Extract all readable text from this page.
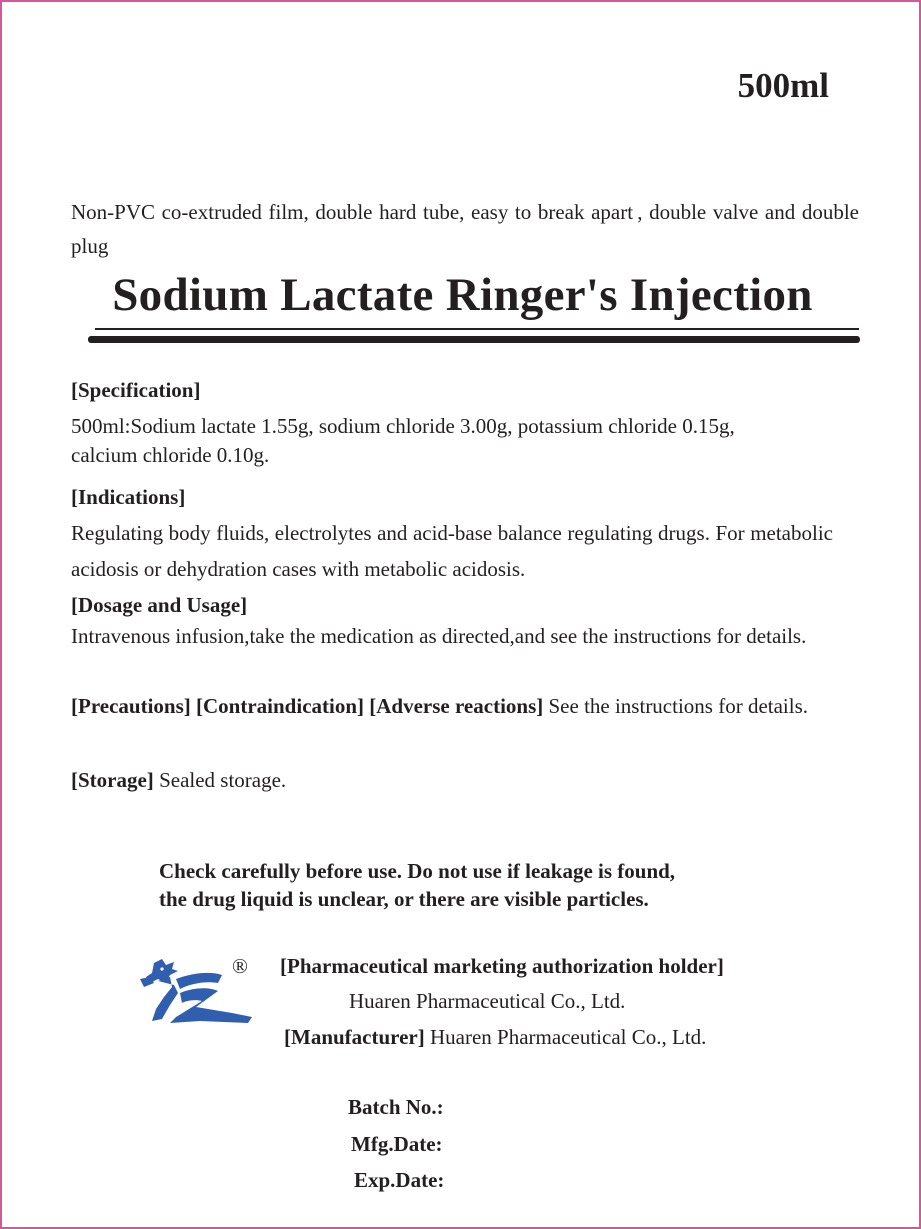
500ml
Non-PVC co-extruded film, double hard tube, easy to break apart , double valve and double plug
Sodium Lactate Ringer's Injection
[Specification]
500ml:Sodium lactate 1.55g, sodium chloride 3.00g, potassium chloride 0.15g,
calcium chloride 0.10g.
[Indications]
Regulating body fluids, electrolytes and acid-base balance regulating drugs. For metabolic acidosis or dehydration cases with metabolic acidosis.
[Dosage and Usage]
Intravenous infusion,take the medication as directed,and see the instructions for details.
[Precautions] [Contraindication] [Adverse reactions] See the instructions for details.
[Storage] Sealed storage.
Check carefully before use. Do not use if leakage is found,
the drug liquid is unclear, or there are visible particles.
® [Pharmaceutical marketing authorization holder]
Huaren Pharmaceutical Co., Ltd.
[Manufacturer] Huaren Pharmaceutical Co., Ltd.
Batch No.:
Mfg.Date:
Exp.Date:
